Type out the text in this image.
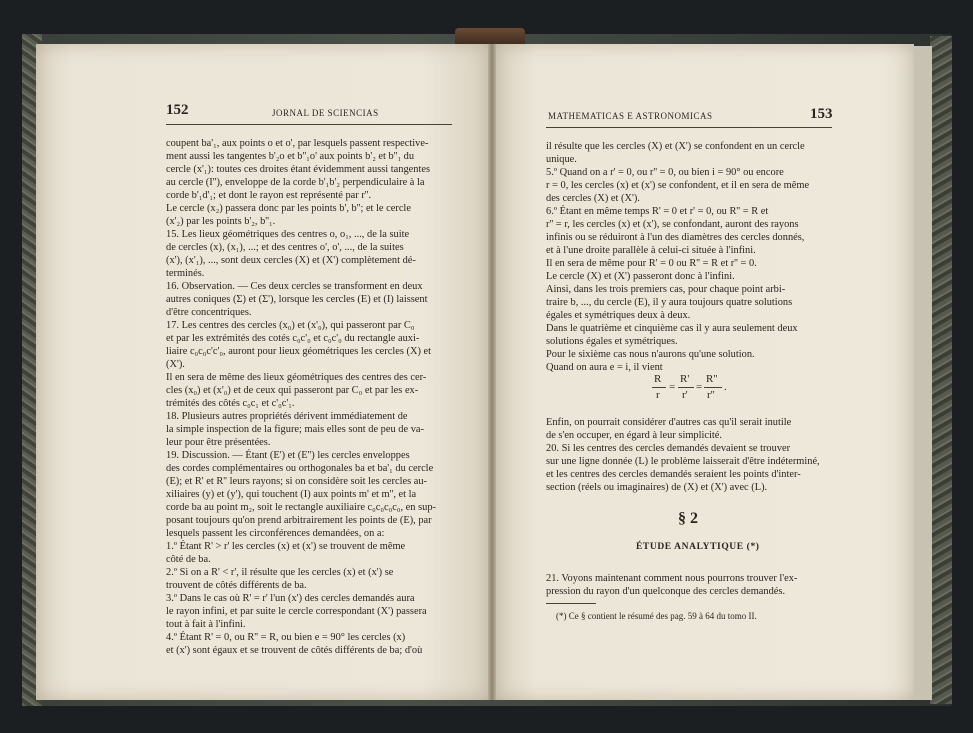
152	JORNAL DE SCIENCIAS

coupent ba'₁, aux points o et o', par lesquels passent respective-

ment aussi les tangentes b'₂o et b''₁o' aux points b'₂ et b''₁ du

cercle (x'₁): toutes ces droites étant évidemment aussi tangentes

au cercle (I''), enveloppe de la corde b'₁b'₂ perpendiculaire à la

corde b'₁d'₁; et dont le rayon est représenté par r''.

Le cercle (x₂) passera donc par les points b', b''; et le cercle

(x'₂) par les points b'₂, b''₁.

15. Les lieux géométriques des centres o, o₁, ..., de la suite

de cercles (x), (x₁), ...; et des centres o', o', ..., de la suites

(x'), (x'₁), ..., sont deux cercles (X) et (X') complètement dé-

terminés.

16. Observation. — Ces deux cercles se transforment en deux

autres coniques (Σ) et (Σ'), lorsque les cercles (E) et (I) laissent

d'être concentriques.

17. Les centres des cercles (x₀) et (x'₀), qui passeront par C₀

et par les extrémités des cotés c₀c'₀ et c₀c'₀ du rectangle auxi-

liaire c₀c₀c'c'₀, auront pour lieux géométriques les cercles (X) et

(X').

Il en sera de même des lieux géométriques des centres des cer-

cles (x₀) et (x'₀) et de ceux qui passeront par C₀ et par les ex-

trémités des côtés c₀c₁ et c'₀c'₁.

18. Plusieurs autres propriétés dérivent immédiatement de

la simple inspection de la figure; mais elles sont de peu de va-

leur pour être présentées.

19. Discussion. — Étant (E') et (E'') les cercles enveloppes

des cordes complémentaires ou orthogonales ba et ba'₁ du cercle

(E); et R' et R'' leurs rayons; si on considère soit les cercles au-

xiliaires (y) et (y'), qui touchent (I) aux points m' et m'', et la

corde ba au point m₂, soit le rectangle auxiliaire c₀c₀c₀c₀, en sup-

posant toujours qu'on prend arbitrairement les points de (E), par

lesquels passent les circonférences demandées, on a:

1.º Étant R' > r' les cercles (x) et (x') se trouvent de même

côté de ba.

2.º Si on a R' < r', il résulte que les cercles (x) et (x') se

trouvent de côtés différents de ba.

3.º Dans le cas où R' = r' l'un (x') des cercles demandés aura

le rayon infini, et par suite le cercle correspondant (X') passera

tout à fait à l'infini.

4.º Étant R' = 0, ou R'' = R, ou bien e = 90° les cercles (x)

et (x') sont égaux et se trouvent de côtés différents de ba; d'où

MATHEMATICAS E ASTRONOMICAS	153

il résulte que les cercles (X) et (X') se confondent en un cercle

unique.

5.º Quand on a r' = 0, ou r'' = 0, ou bien i = 90° ou encore

r = 0, les cercles (x) et (x') se confondent, et il en sera de même

des cercles (X) et (X').

6.º Étant en même temps R' = 0 et r' = 0, ou R'' = R et

r'' = r, les cercles (x) et (x'), se confondant, auront des rayons

infinis ou se réduiront à l'un des diamètres des cercles donnés,

et à l'une droite parallèle à celui-ci située à l'infini.

Il en sera de même pour R' = 0 ou R'' = R et r'' = 0.

Le cercle (X) et (X') passeront donc à l'infini.

Ainsi, dans les trois premiers cas, pour chaque point arbi-

traire b, ..., du cercle (E), il y aura toujours quatre solutions

égales et symétriques deux à deux.

Dans le quatrième et cinquième cas il y aura seulement deux

solutions égales et symétriques.

Pour le sixième cas nous n'aurons qu'une solution.

Quand on aura e = i, il vient

R
r
=
R'
r'
=
R''
r''
.

Enfin, on pourrait considérer d'autres cas qu'il serait inutile

de s'en occuper, en égard à leur simplicité.

20. Si les centres des cercles demandés devaient se trouver

sur une ligne donnée (L) le problème laisserait d'être indéterminé,

et les centres des cercles demandés seraient les points d'inter-

section (réels ou imaginaires) de (X) et (X') avec (L).

§ 2
ÉTUDE ANALYTIQUE (*)

21. Voyons maintenant comment nous pourrons trouver l'ex-

pression du rayon d'un quelconque des cercles demandés.

(*) Ce § contient le résumé des pag. 59 à 64 du tomo II.
